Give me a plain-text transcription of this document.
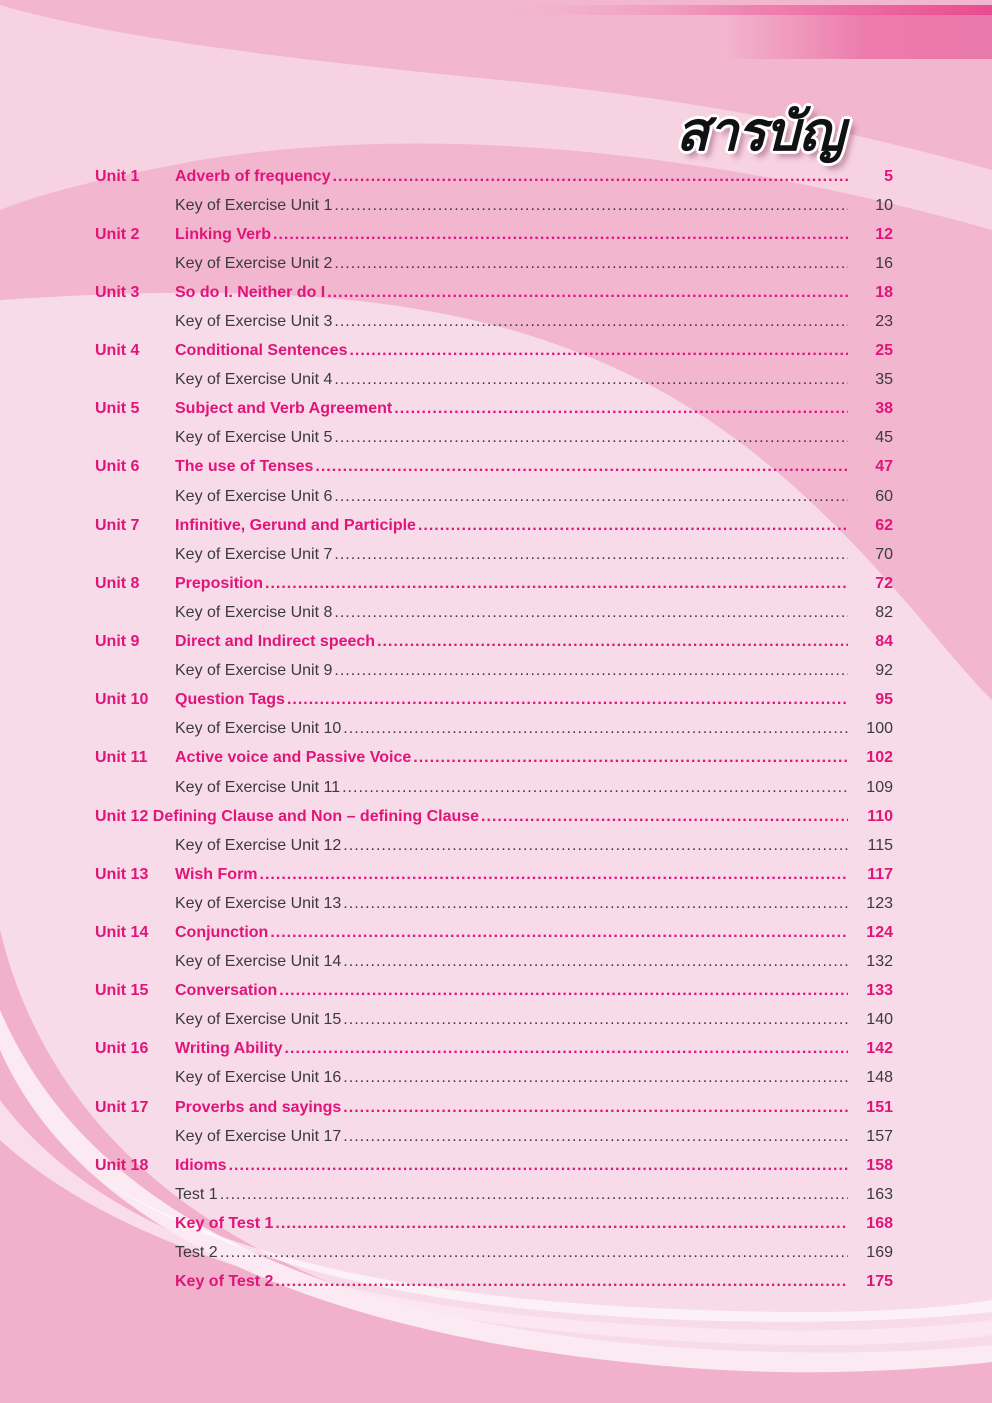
สารบัญ
Unit 1	Adverb of frequency .....	5
Key of Exercise Unit 1 .....	10
Unit 2	Linking Verb .....	12
Key of Exercise Unit 2 .....	16
Unit 3	So do I. Neither do I .....	18
Key of Exercise Unit 3 .....	23
Unit 4	Conditional Sentences .....	25
Key of Exercise Unit 4 .....	35
Unit 5	Subject and Verb Agreement .....	38
Key of Exercise Unit 5 .....	45
Unit 6	The use of Tenses .....	47
Key of Exercise Unit 6 .....	60
Unit 7	Infinitive, Gerund and Participle .....	62
Key of Exercise Unit 7 .....	70
Unit 8	Preposition .....	72
Key of Exercise Unit 8 .....	82
Unit 9	Direct and Indirect speech .....	84
Key of Exercise Unit 9 .....	92
Unit 10	Question Tags .....	95
Key of Exercise Unit 10 .....	100
Unit 11	Active voice and Passive Voice .....	102
Key of Exercise Unit 11 .....	109
Unit 12 Defining Clause and Non – defining Clause .....	110
Key of Exercise Unit 12 .....	115
Unit 13	Wish Form .....	117
Key of Exercise Unit 13 .....	123
Unit 14	Conjunction .....	124
Key of Exercise Unit 14 .....	132
Unit 15	Conversation .....	133
Key of Exercise Unit 15 .....	140
Unit 16	Writing Ability .....	142
Key of Exercise Unit 16 .....	148
Unit 17	Proverbs and sayings .....	151
Key of Exercise Unit 17 .....	157
Unit 18	Idioms .....	158
Test 1 .....	163
Key of Test 1 .....	168
Test 2 .....	169
Key of Test 2 .....	175
